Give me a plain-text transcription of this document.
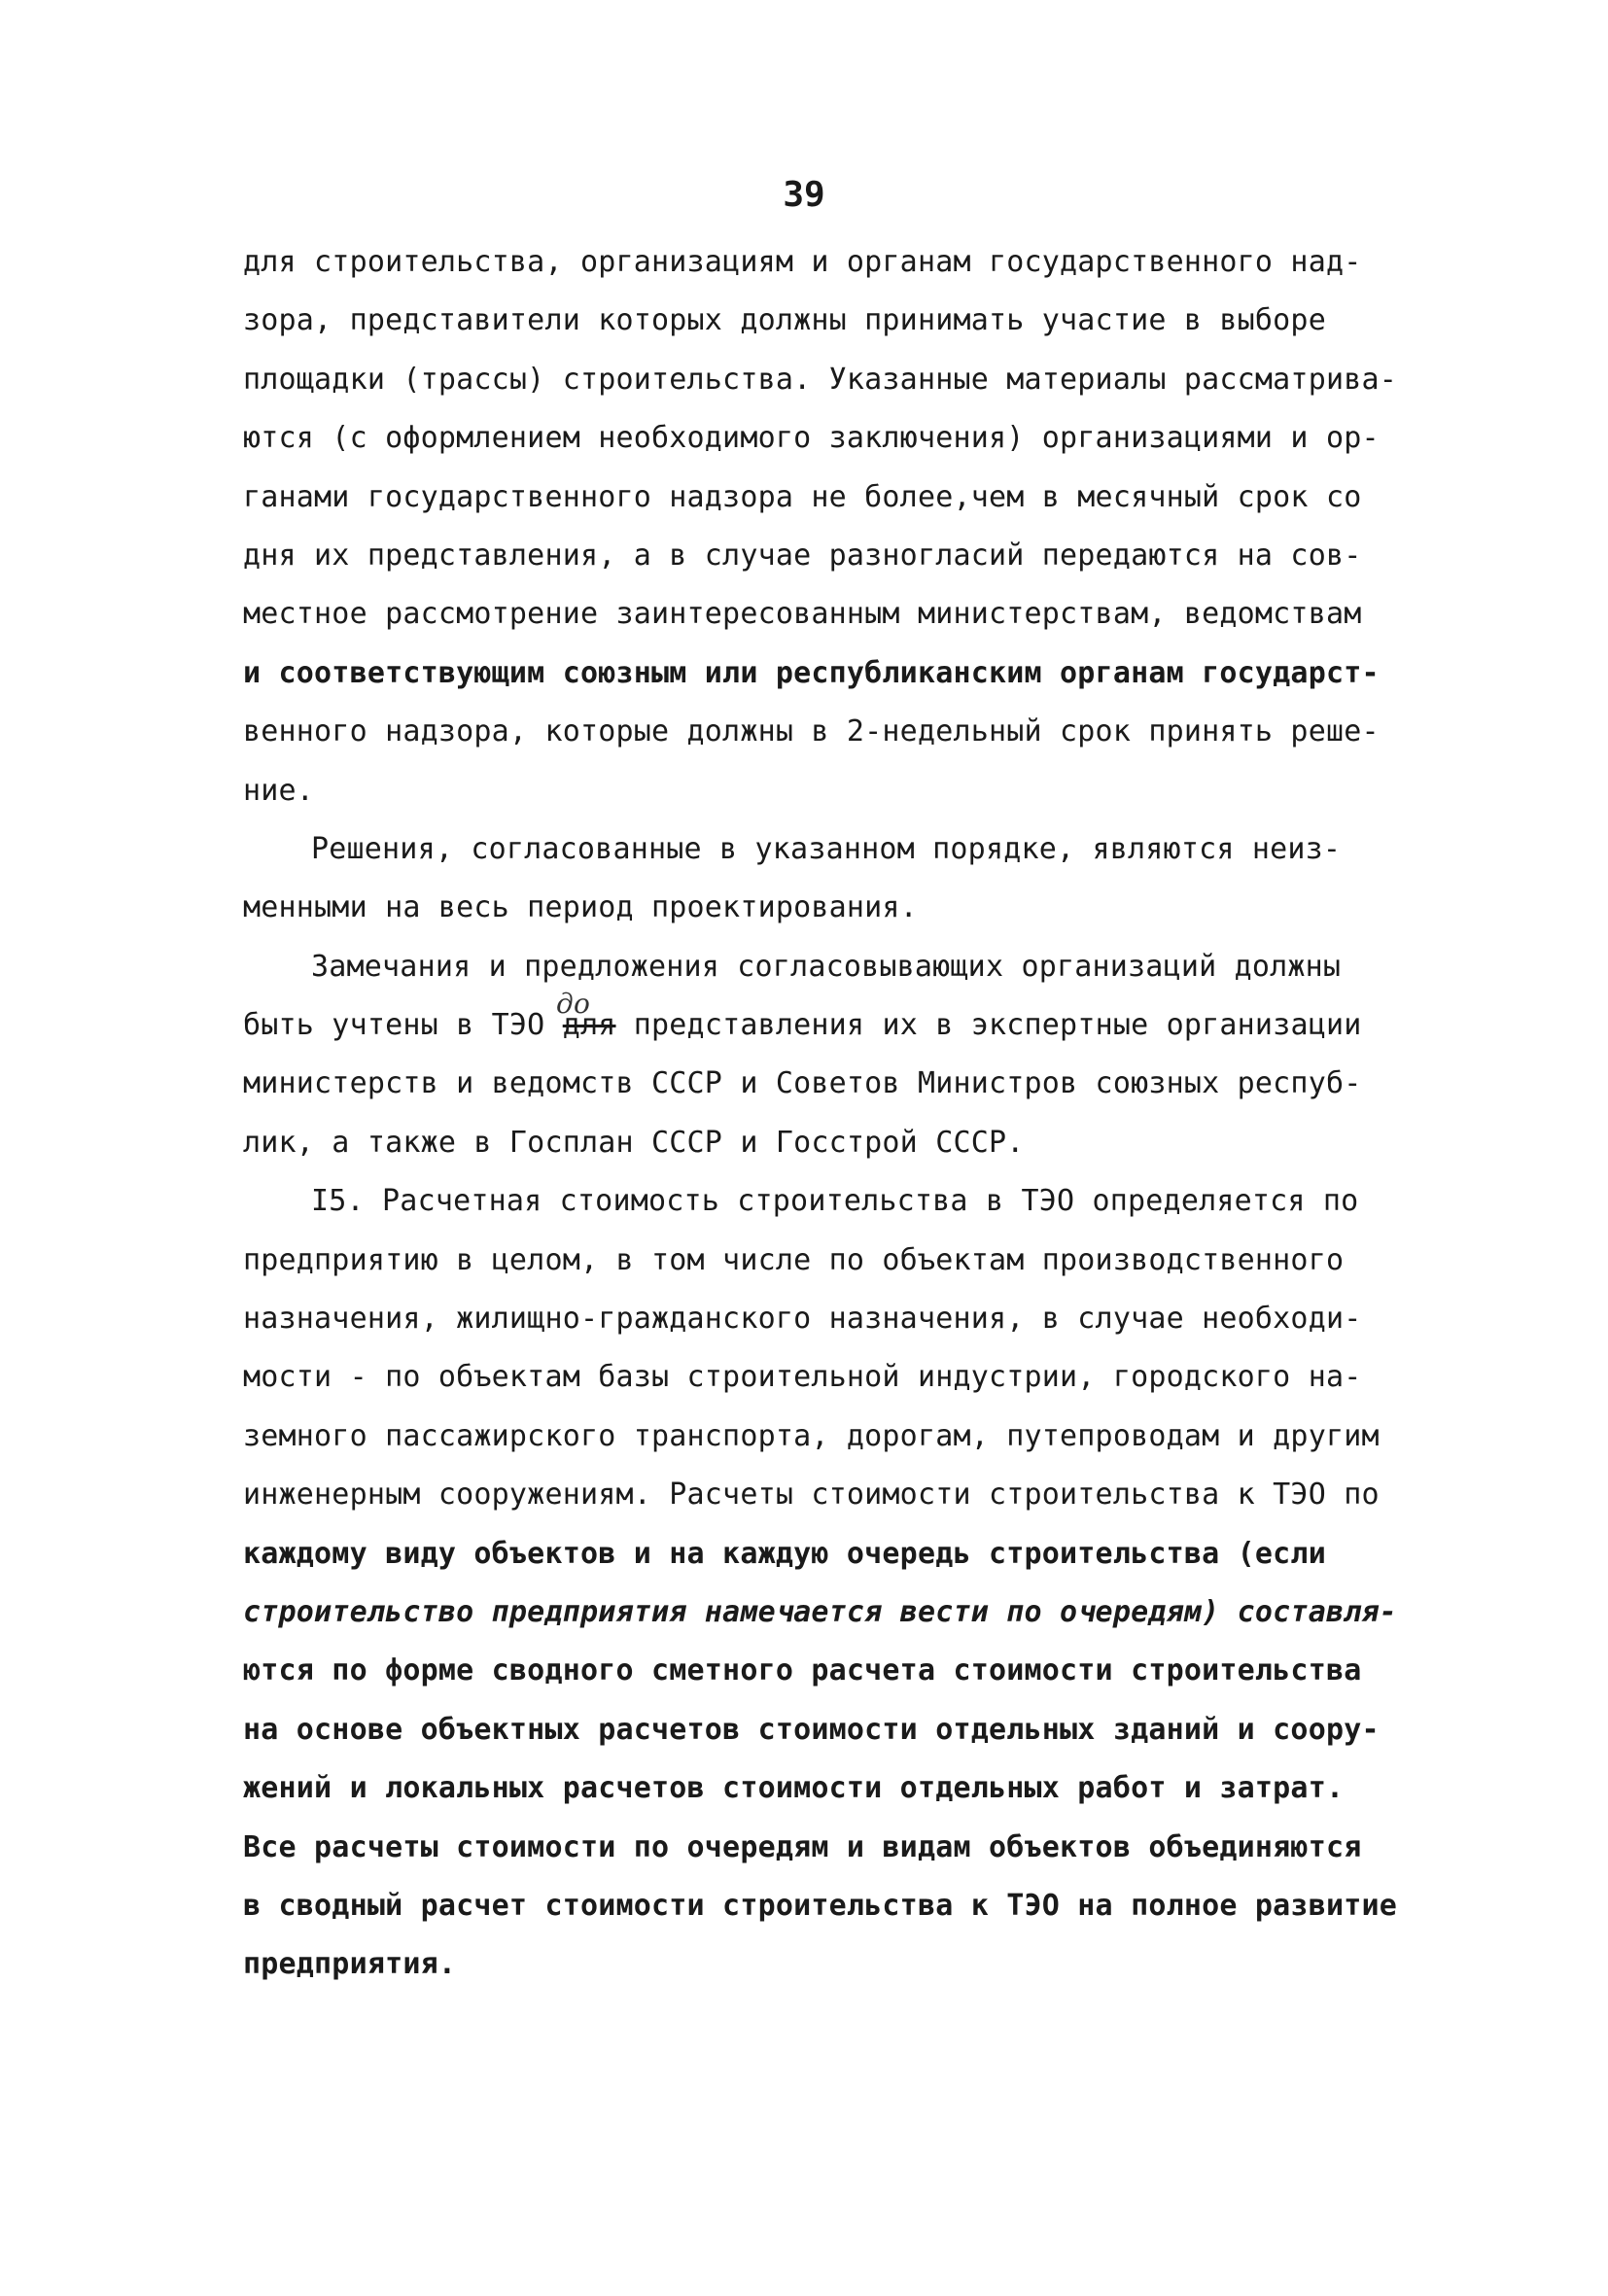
39
для строительства, организациям и органам государственного над-
зора, представители которых должны принимать участие в выборе
площадки (трассы) строительства. Указанные материалы рассматрива-
ются (с оформлением необходимого заключения) организациями и ор-
ганами государственного надзора не более,чем в месячный срок со
дня их представления, а в случае разногласий передаются на сов-
местное рассмотрение заинтересованным министерствам, ведомствам
и соответствующим союзным или республиканским органам государст-
венного надзора, которые должны в 2-недельный срок принять реше-
ние.
Решения, согласованные в указанном порядке, являются неиз-
менными на весь период проектирования.
Замечания и предложения согласовывающих организаций должны
быть учтены в ТЭО для представления их в экспертные организации
до
министерств и ведомств СССР и Советов Министров союзных респуб-
лик, а также в Госплан СССР и Госстрой СССР.
I5. Расчетная стоимость строительства в ТЭО определяется по
предприятию в целом, в том числе по объектам производственного
назначения, жилищно-гражданского назначения, в случае необходи-
мости - по объектам базы строительной индустрии, городского на-
земного пассажирского транспорта, дорогам, путепроводам и другим
инженерным сооружениям. Расчеты стоимости строительства к ТЭО по
каждому виду объектов и на каждую очередь строительства (если
строительство предприятия намечается вести по очередям) составля-
ются по форме сводного сметного расчета стоимости строительства
на основе объектных расчетов стоимости отдельных зданий и соору-
жений и локальных расчетов стоимости отдельных работ и затрат.
Все расчеты стоимости по очередям и видам объектов объединяются
в сводный расчет стоимости строительства к ТЭО на полное развитие
предприятия.
